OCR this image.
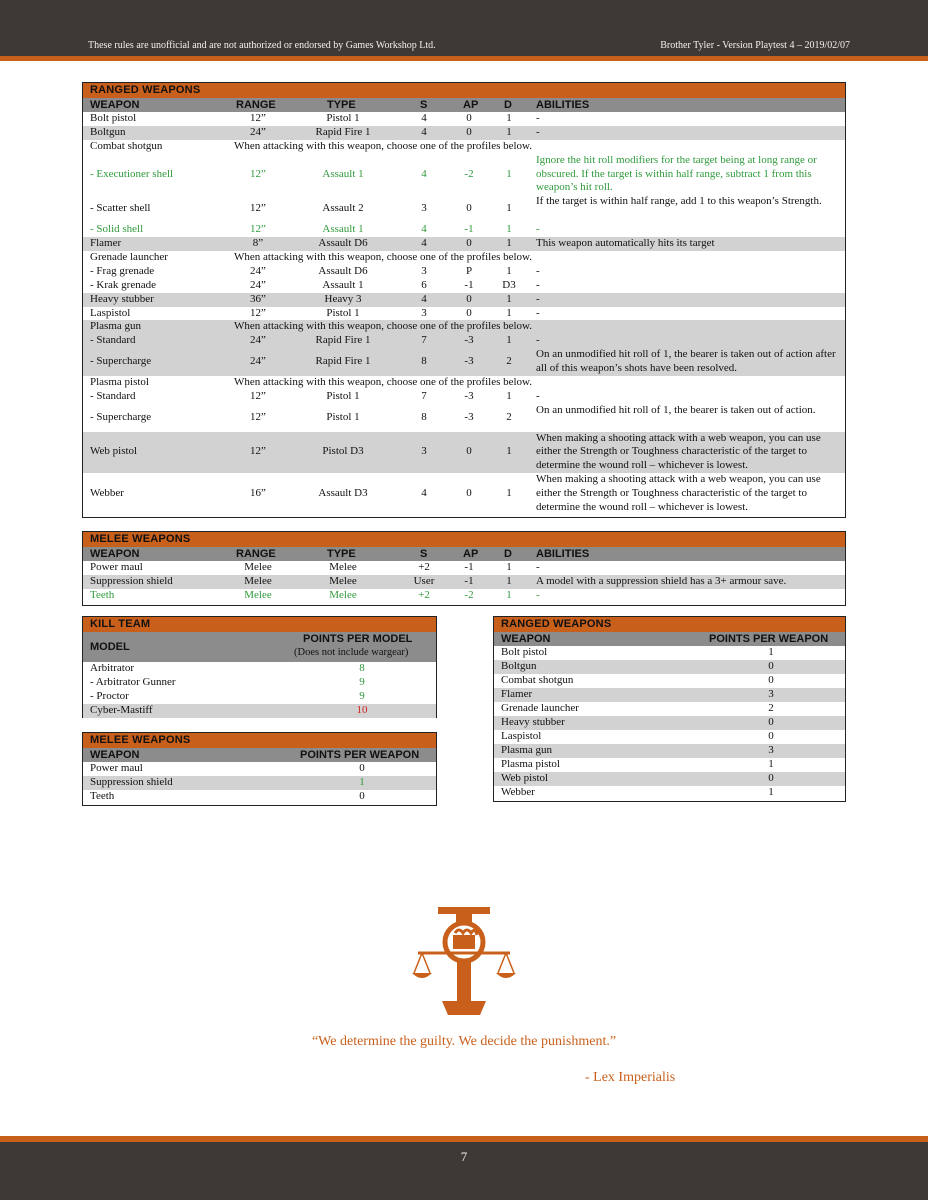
These rules are unofficial and are not authorized or endorsed by Games Workshop Ltd.	Brother Tyler - Version Playtest 4 – 2019/02/07
RANGED WEAPONS
WEAPON	RANGE	TYPE	S	AP D ABILITIES
Bolt pistol	12”	Pistol 1	4	0	1	-
Boltgun	24”	Rapid Fire 1	4	0	1	-
Combat shotgun	When attacking with this weapon, choose one of the profiles below.
- Executioner shell	12”	Assault 1	4	-2	1
Ignore the hit roll modifiers for the target being at long range or obscured. If the target is within half range, subtract 1 from this weapon’s hit roll.
- Scatter shell	12”	Assault 2	3	0	1
If the target is within half range, add 1 to this weapon’s Strength.
- Solid shell	12”	Assault 1	4	-1	1	-
Flamer	8”	Assault D6	4	0	1	This weapon automatically hits its target
Grenade launcher	When attacking with this weapon, choose one of the profiles below.
- Frag grenade	24”	Assault D6	3	P	1	-
- Krak grenade	24”	Assault 1	6	-1	D3	-
Heavy stubber	36”	Heavy 3	4	0	1	-
Laspistol	12”	Pistol 1	3	0	1	-
Plasma gun	When attacking with this weapon, choose one of the profiles below.
- Standard	24”	Rapid Fire 1	7	-3	1	-
- Supercharge	24”	Rapid Fire 1	8	-3	2
On an unmodified hit roll of 1, the bearer is taken out of action after all of this weapon’s shots have been resolved.
Plasma pistol	When attacking with this weapon, choose one of the profiles below.
- Standard	12”	Pistol 1	7	-3	1	-
- Supercharge	12”	Pistol 1	8	-3	2
On an unmodified hit roll of 1, the bearer is taken out of action.
Web pistol	12”	Pistol D3	3	0	1
When making a shooting attack with a web weapon, you can use either the Strength or Toughness characteristic of the target to determine the wound roll – whichever is lowest.
Webber	16”	Assault D3	4	0	1
When making a shooting attack with a web weapon, you can use either the Strength or Toughness characteristic of the target to determine the wound roll – whichever is lowest.
MELEE WEAPONS
WEAPON	RANGE	TYPE	S	AP D ABILITIES
Power maul	Melee	Melee	+2	-1	1	-
Suppression shield	Melee	Melee	User	-1	1	A model with a suppression shield has a 3+ armour save.
Teeth	Melee	Melee	+2	-2	1	-
KILL TEAM
MODEL
POINTS PER MODEL
(Does not include wargear)
Arbitrator	8
- Arbitrator Gunner	9
- Proctor	9
Cyber-Mastiff	10
MELEE WEAPONS
WEAPON	POINTS PER WEAPON
Power maul	0
Suppression shield	1
Teeth	0
RANGED WEAPONS
WEAPON	POINTS PER WEAPON
Bolt pistol	1
Boltgun	0
Combat shotgun	0
Flamer	3
Grenade launcher	2
Heavy stubber	0
Laspistol	0
Plasma gun	3
Plasma pistol	1
Web pistol	0
Webber	1
“We determine the guilty. We decide the punishment.”
- Lex Imperialis
7
